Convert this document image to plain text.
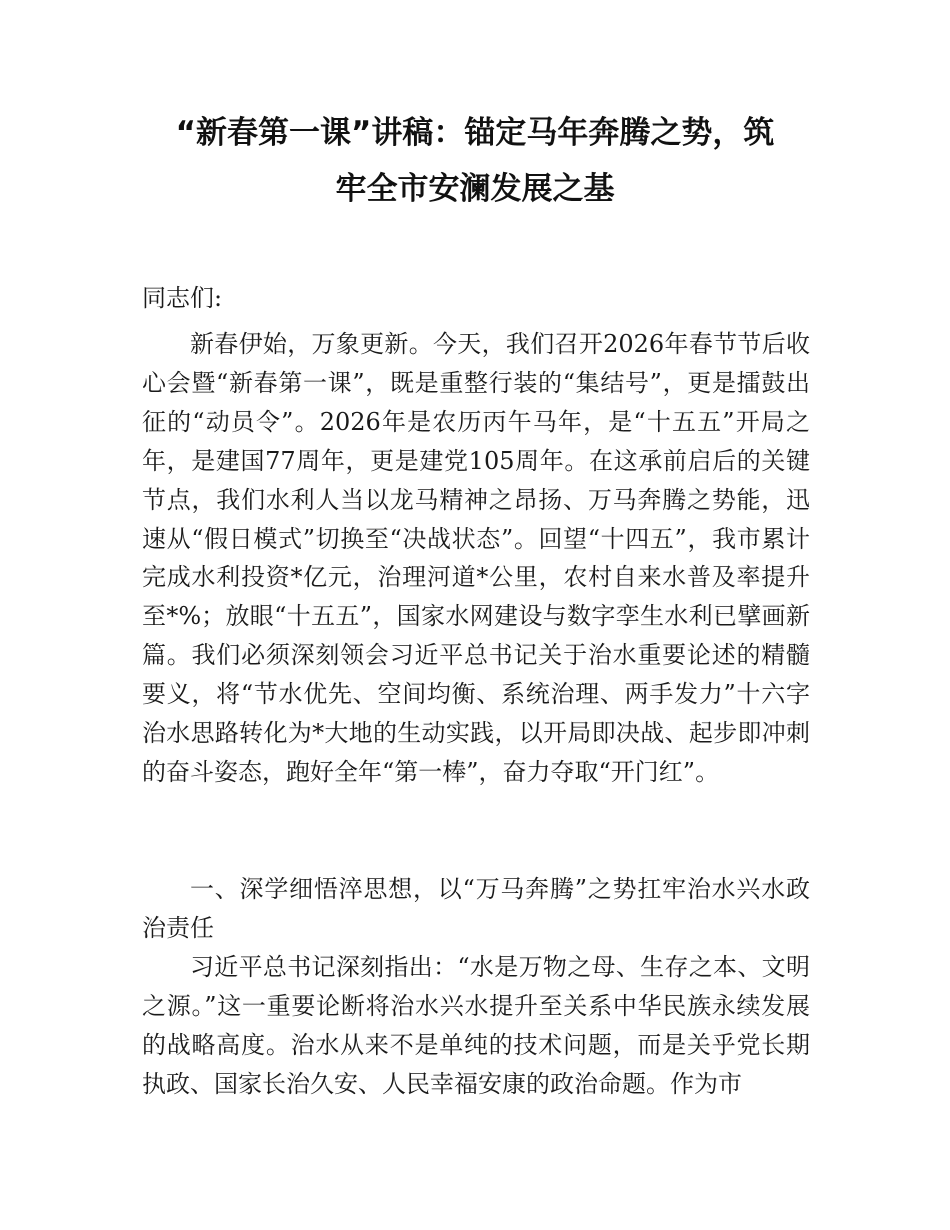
“新春第一课”讲稿：锚定马年奔腾之势，筑
牢全市安澜发展之基

同志们:

新春伊始，万象更新。今天，我们召开2026年春节节后收心会暨“新春第一课”，既是重整行装的“集结号”，更是擂鼓出征的“动员令”。2026年是农历丙午马年，是“十五五”开局之年，是建国77周年，更是建党105周年。在这承前启后的关键节点，我们水利人当以龙马精神之昂扬、万马奔腾之势能，迅速从“假日模式”切换至“决战状态”。回望“十四五”，我市累计完成水利投资*亿元，治理河道*公里，农村自来水普及率提升至*%；放眼“十五五”，国家水网建设与数字孪生水利已擘画新篇。我们必须深刻领会习近平总书记关于治水重要论述的精髓要义，将“节水优先、空间均衡、系统治理、两手发力”十六字治水思路转化为*大地的生动实践，以开局即决战、起步即冲刺的奋斗姿态，跑好全年“第一棒”，奋力夺取“开门红”。

一、深学细悟淬思想，以“万马奔腾”之势扛牢治水兴水政治责任

习近平总书记深刻指出：“水是万物之母、生存之本、文明之源。”这一重要论断将治水兴水提升至关系中华民族永续发展的战略高度。治水从来不是单纯的技术问题，而是关乎党长期执政、国家长治久安、人民幸福安康的政治命题。作为市
